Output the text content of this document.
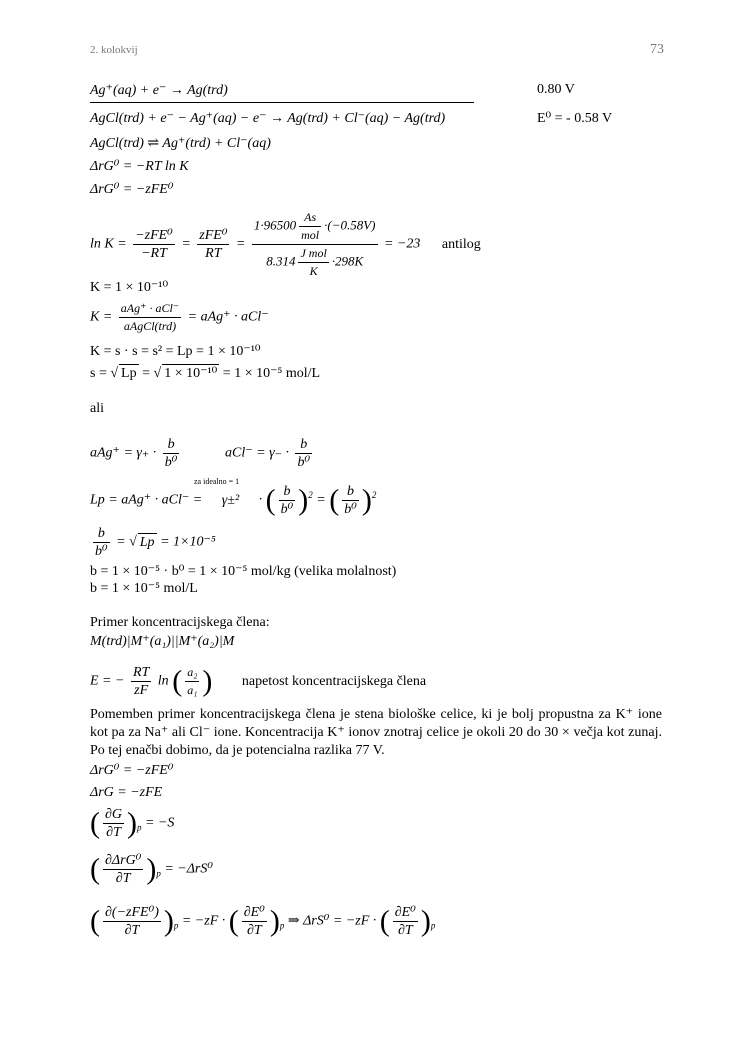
2. kolokvij	73
Ag⁺(aq) + e⁻ → Ag(trd)	0.80 V
AgCl(trd) + e⁻ − Ag⁺(aq) − e⁻ → Ag(trd) + Cl⁻(aq) − Ag(trd)	E⁰ = - 0.58 V
AgCl(trd) ⇌ Ag⁺(trd) + Cl⁻(aq)
ΔrG⁰ = −RT ln K
ΔrG⁰ = −zFE⁰
$\ln K = \frac{\text{−zFE⁰}}{-RT} = \frac{\text{zFE⁰}}{RT} = \frac{1\cdot 96500 \frac{As}{\text{mol}} \cdot(-0.58V)}{8.314 \frac{\text{J mol}}{K} \cdot 298K} = -23$ antilog
K = 1 × 10⁻¹⁰
$K = \frac{\text{aAg⁺ · aCl⁻}}{\text{aAgCl(trd)}} = aAg^+ \cdot aCl^-$
K = s · s = s² = Lp = 1 × 10⁻¹⁰
s = √ Lp = √ 1 × 10⁻¹⁰ = 1 × 10⁻⁵ mol/L
ali
$aAg^+ = \gamma_+ \cdot \frac{b}{\text{b⁰}}$	$aCl^- = \gamma_- \cdot \frac{b}{\text{b⁰}}$
za idealno = 1
Lp = aAg⁺ · aCl⁻ = γ±² · ( $\frac{b}{\text{b⁰}} )^2$ = ( $\frac{b}{\text{b⁰}} )^2$
$\frac{b}{\text{b⁰}}$ = √ Lp = 1×10⁻⁵
b = 1 × 10⁻⁵ · b⁰ = 1 × 10⁻⁵ mol/kg (velika molalnost)
b = 1 × 10⁻⁵ mol/L
Primer koncentracijskega člena:
M(trd)|M⁺(a₁)||M⁺(a₂)|M
E = − $\frac{RT}{zF}$ ln ( $\frac{\text{a₂}}{\text{a₁}}$ ) napetost koncentracijskega člena
Pomemben primer koncentracijskega člena je stena biološke celice, ki je bolj propustna za K⁺ ione kot pa za Na⁺ ali Cl⁻ ione. Koncentracija K⁺ ionov znotraj celice je okoli 20 do 30 × večja kot zunaj. Po tej enačbi dobimo, da je potencialna razlika 77 V.
ΔrG⁰ = −zFE⁰
ΔrG = −zFE
( $\frac{\partial G}{\partial T} )_p = -S$
( $\frac{\text{∂ΔrG⁰}}{\partial T} )_p = -\Delta rS^0$
( $\frac{\text{∂(−zFE⁰)}}{\partial T} )_p = -zF$ · ( $\frac{\text{∂E⁰}}{\partial T} )_p$ ⇒ ΔrS⁰ = −zF · ( $\frac{\text{∂E⁰}}{\partial T} )_p$
